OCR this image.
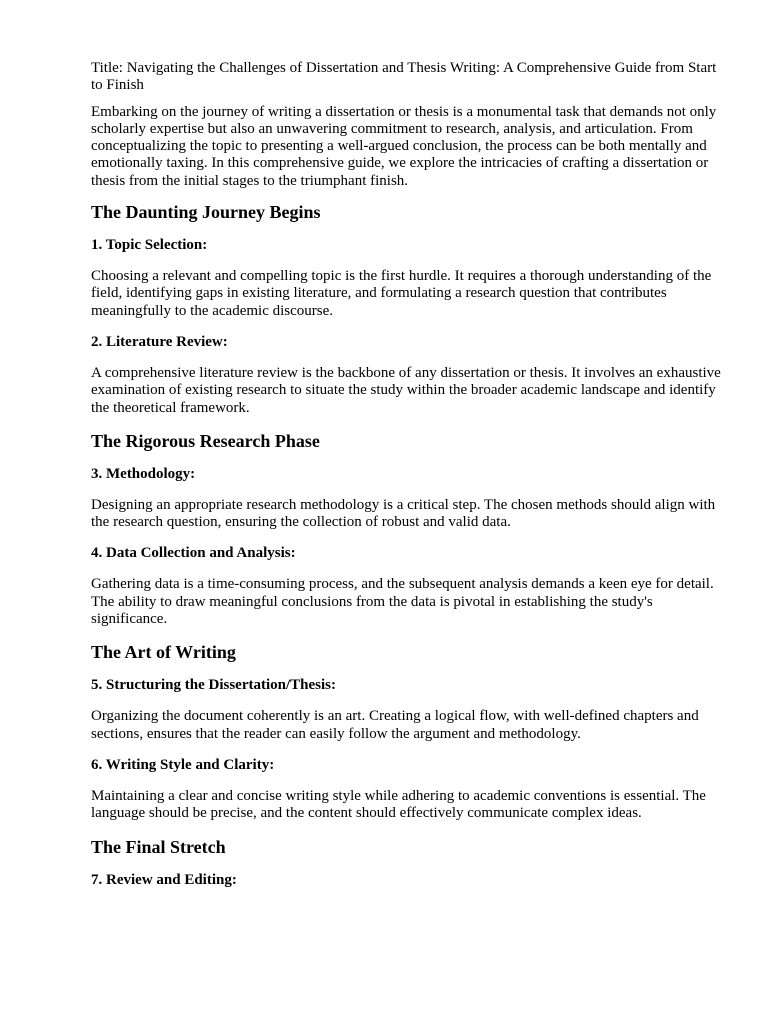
Title: Navigating the Challenges of Dissertation and Thesis Writing: A Comprehensive Guide from Start to Finish

Embarking on the journey of writing a dissertation or thesis is a monumental task that demands not only scholarly expertise but also an unwavering commitment to research, analysis, and articulation. From conceptualizing the topic to presenting a well-argued conclusion, the process can be both mentally and emotionally taxing. In this comprehensive guide, we explore the intricacies of crafting a dissertation or thesis from the initial stages to the triumphant finish.

The Daunting Journey Begins
1. Topic Selection:

Choosing a relevant and compelling topic is the first hurdle. It requires a thorough understanding of the field, identifying gaps in existing literature, and formulating a research question that contributes meaningfully to the academic discourse.

2. Literature Review:

A comprehensive literature review is the backbone of any dissertation or thesis. It involves an exhaustive examination of existing research to situate the study within the broader academic landscape and identify the theoretical framework.

The Rigorous Research Phase
3. Methodology:

Designing an appropriate research methodology is a critical step. The chosen methods should align with the research question, ensuring the collection of robust and valid data.

4. Data Collection and Analysis:

Gathering data is a time-consuming process, and the subsequent analysis demands a keen eye for detail. The ability to draw meaningful conclusions from the data is pivotal in establishing the study's significance.

The Art of Writing
5. Structuring the Dissertation/Thesis:

Organizing the document coherently is an art. Creating a logical flow, with well-defined chapters and sections, ensures that the reader can easily follow the argument and methodology.

6. Writing Style and Clarity:

Maintaining a clear and concise writing style while adhering to academic conventions is essential. The language should be precise, and the content should effectively communicate complex ideas.

The Final Stretch
7. Review and Editing:
